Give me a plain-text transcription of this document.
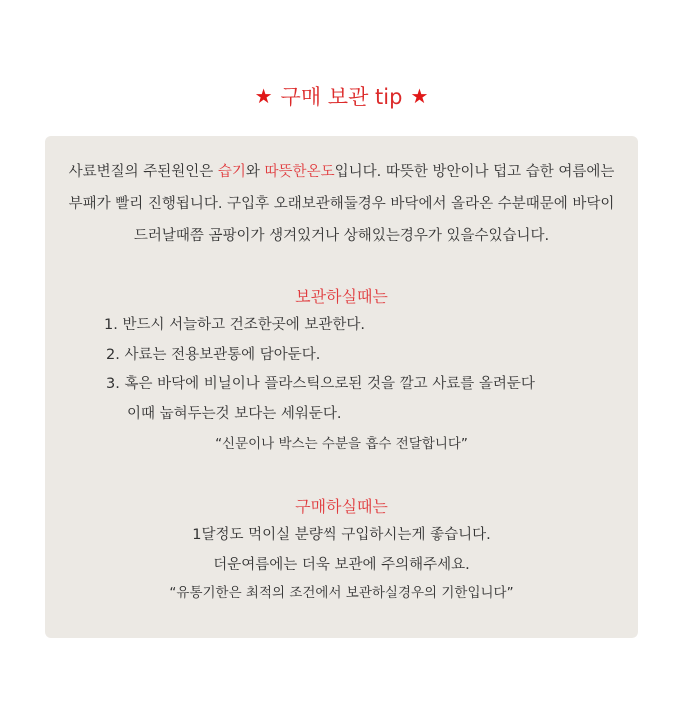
★ 구매 보관 tip ★
사료변질의 주된원인은 습기와 따뜻한온도입니다. 따뜻한 방안이나 덥고 습한 여름에는
부패가 빨리 진행됩니다. 구입후 오래보관해둘경우 바닥에서 올라온 수분때문에 바닥이
드러날때쯤 곰팡이가 생겨있거나 상해있는경우가 있을수있습니다.
보관하실때는
1. 반드시 서늘하고 건조한곳에 보관한다.
2. 사료는 전용보관통에 담아둔다.
3. 혹은 바닥에 비닐이나 플라스틱으로된 것을 깔고 사료를 올려둔다
이때 눕혀두는것 보다는 세워둔다.
“신문이나 박스는 수분을 흡수 전달합니다”
구매하실때는
1달정도 먹이실 분량씩 구입하시는게 좋습니다.
더운여름에는 더욱 보관에 주의해주세요.
“유통기한은 최적의 조건에서 보관하실경우의 기한입니다”
